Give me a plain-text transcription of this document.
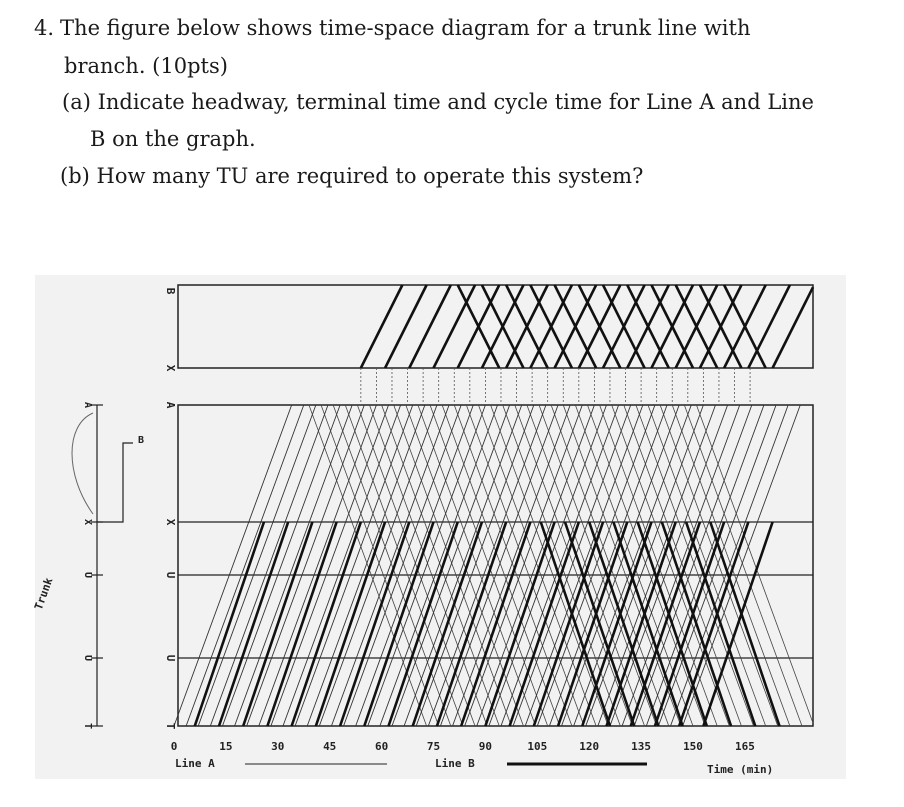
4. The figure below shows time-space diagram for a trunk line with
branch. (10pts)
(a) Indicate headway, terminal time and cycle time for Line A and Line
B on the graph.
(b) How many TU are required to operate this system?
B
X
A
X
U
U
T
A
X
U
U
T
B
Trunk
0	15	30	45	60	75	90	105	120	135	150	165
Line A	Line B	Time (min)
